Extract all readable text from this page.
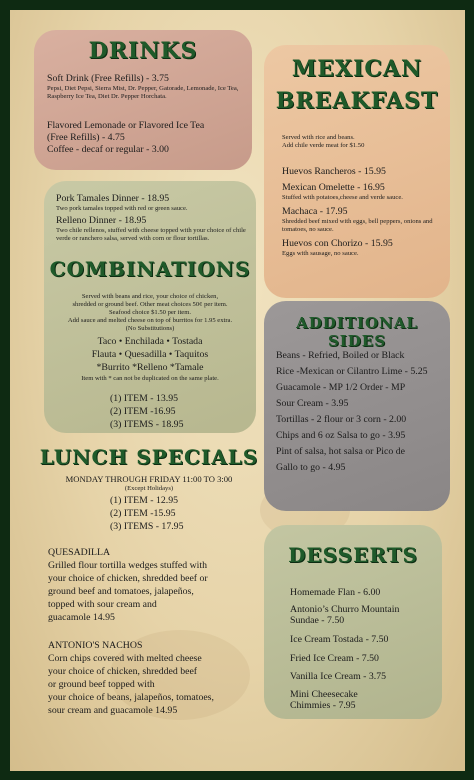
DRINKS

Soft Drink (Free Refills) - 3.75

Pepsi, Diet Pepsi, Sierra Mist, Dr. Pepper, Gatorade, Lemonade, Ice Tea, Raspberry Ice Tea, Diet Dr. Pepper Horchata.

Flavored Lemonade or Flavored Ice Tea

(Free Refills) - 4.75

Coffee - decaf or regular - 3.00

MEXICAN
BREAKFAST

Served with rice and beans.

Add chile verde meat for $1.50

Huevos Rancheros - 15.95

Mexican Omelette - 16.95

Stuffed with potatoes,cheese and verde sauce.

Machaca - 17.95

Shredded beef mixed with eggs, bell peppers, onions and tomatoes, no sauce.

Huevos con Chorizo - 15.95

Eggs with sausage, no sauce.

Pork Tamales Dinner - 18.95

Two pork tamales topped with red or green sauce.

Relleno Dinner - 18.95

Two chile rellenos, stuffed with cheese topped with your choice of chile verde or ranchero salsa, served with corn or flour tortillas.

COMBINATIONS

Served with beans and rice, your choice of chicken,

shredded or ground beef. Other meat choices 50¢ per item.

Seafood choice $1.50 per item.

Add sauce and melted cheese on top of burritos for 1.95 extra.

(No Substitutions)

Taco • Enchilada • Tostada

Flauta • Quesadilla • Taquitos

*Burrito *Relleno *Tamale

Item with * can not be duplicated on the same plate.

(1) ITEM - 13.95

(2) ITEM -16.95

(3) ITEMS - 18.95

LUNCH SPECIALS

MONDAY THROUGH FRIDAY 11:00 TO 3:00

(Except Holidays)

(1) ITEM - 12.95

(2) ITEM -15.95

(3) ITEMS - 17.95

QUESADILLA

Grilled flour tortilla wedges stuffed with

your choice of chicken, shredded beef or

ground beef and tomatoes, jalapeños,

topped with sour cream and

guacamole 14.95

ANTONIO'S NACHOS

Corn chips covered with melted cheese

your choice of chicken, shredded beef

or ground beef topped with

your choice of beans, jalapeños, tomatoes,

sour cream and guacamole 14.95

ADDITIONAL SIDES

Beans - Refried, Boiled or Black

Rice -Mexican or Cilantro Lime - 5.25

Guacamole - MP 1/2 Order - MP

Sour Cream - 3.95

Tortillas - 2 flour or 3 corn - 2.00

Chips and 6 oz Salsa to go - 3.95

Pint of salsa, hot salsa or Pico de

Gallo to go - 4.95

DESSERTS

Homemade Flan - 6.00

Antonio’s Churro Mountain

Sundae - 7.50

Ice Cream Tostada - 7.50

Fried Ice Cream - 7.50

Vanilla Ice Cream - 3.75

Mini Cheesecake

Chimmies - 7.95
